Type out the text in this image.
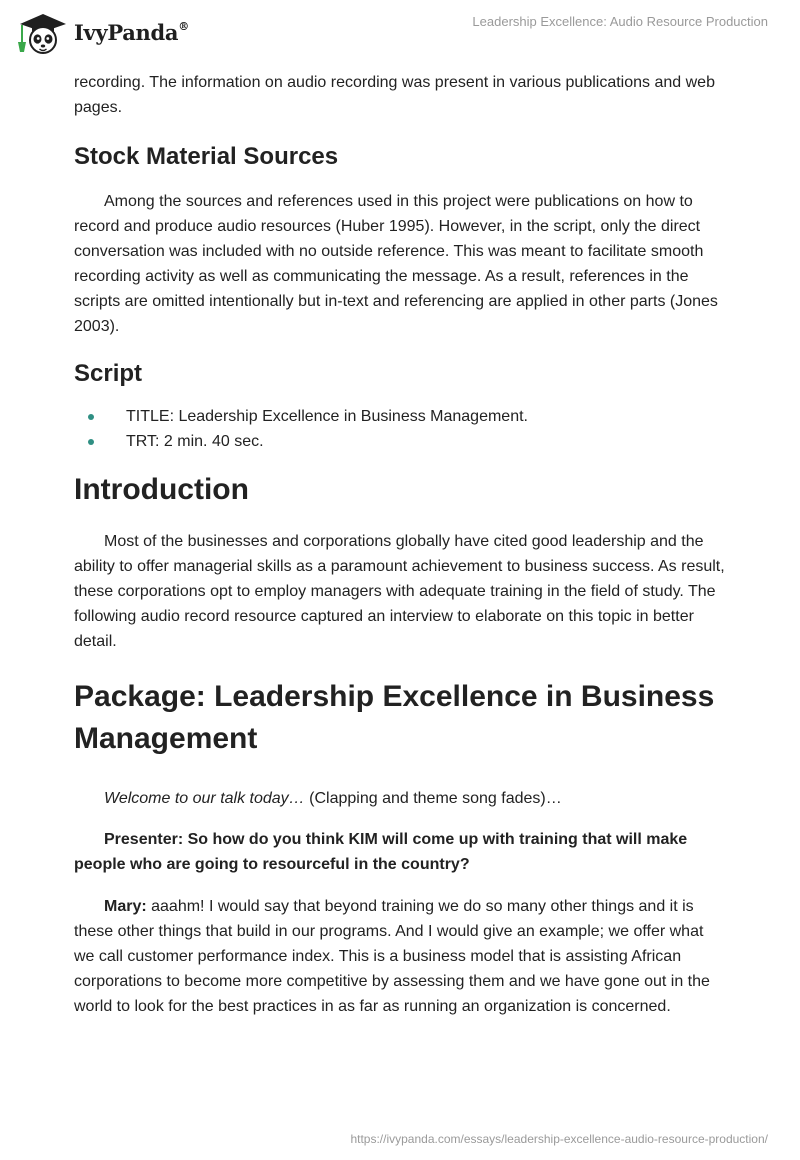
IvyPanda®	Leadership Excellence: Audio Resource Production

recording. The information on audio recording was present in various publications and web pages.

Stock Material Sources

Among the sources and references used in this project were publications on how to record and produce audio resources (Huber 1995). However, in the script, only the direct conversation was included with no outside reference. This was meant to facilitate smooth recording activity as well as communicating the message. As a result, references in the scripts are omitted intentionally but in-text and referencing are applied in other parts (Jones 2003).

Script
TITLE: Leadership Excellence in Business Management.
TRT: 2 min. 40 sec.
Introduction

Most of the businesses and corporations globally have cited good leadership and the ability to offer managerial skills as a paramount achievement to business success. As result, these corporations opt to employ managers with adequate training in the field of study. The following audio record resource captured an interview to elaborate on this topic in better detail.

Package: Leadership Excellence in Business Management

Welcome to our talk today… (Clapping and theme song fades)…

Presenter: So how do you think KIM will come up with training that will make people who are going to resourceful in the country?

Mary: aaahm! I would say that beyond training we do so many other things and it is these other things that build in our programs. And I would give an example; we offer what we call customer performance index. This is a business model that is assisting African corporations to become more competitive by assessing them and we have gone out in the world to look for the best practices in as far as running an organization is concerned.

https://ivypanda.com/essays/leadership-excellence-audio-resource-production/
